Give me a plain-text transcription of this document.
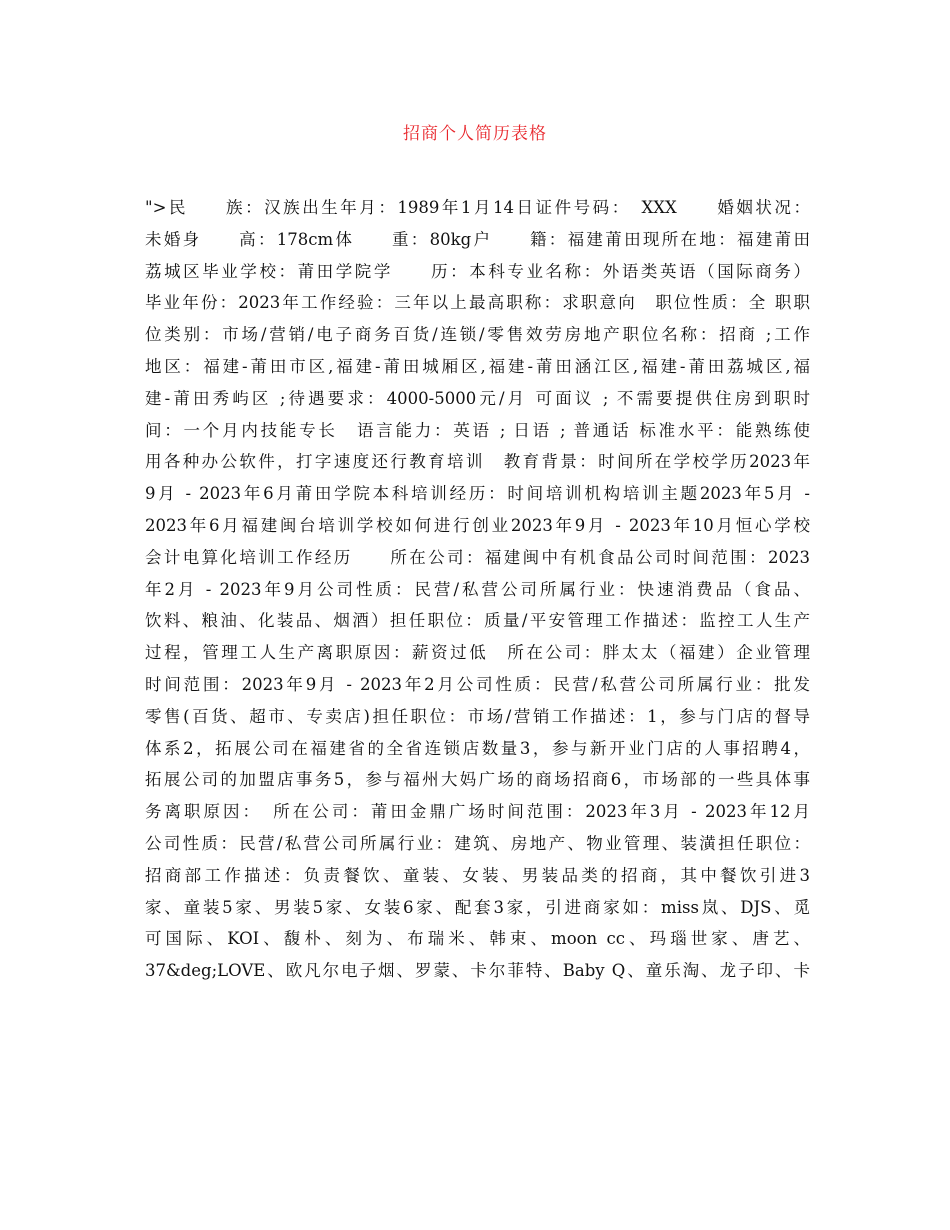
招商个人简历表格
">民　　族：汉族出生年月：1989年1月14日证件号码：　XXX　　婚姻状况：
未婚身　　高：178cm体　　重：80kg户　　籍：福建莆田现所在地：福建莆田
荔城区毕业学校：莆田学院学　　历：本科专业名称：外语类英语（国际商务）
毕业年份：2023年工作经验：三年以上最高职称：求职意向　职位性质：全 职职
位类别：市场/营销/电子商务百货/连锁/零售效劳房地产职位名称：招商 ;工作
地区：福建-莆田市区,福建-莆田城厢区,福建-莆田涵江区,福建-莆田荔城区,福
建-莆田秀屿区 ;待遇要求：4000-5000元/月 可面议 ; 不需要提供住房到职时
间：一个月内技能专长　语言能力：英语 ; 日语 ; 普通话 标准水平：能熟练使
用各种办公软件，打字速度还行教育培训　教育背景：时间所在学校学历2023年
9月 - 2023年6月莆田学院本科培训经历：时间培训机构培训主题2023年5月 -
2023年6月福建闽台培训学校如何进行创业2023年9月 - 2023年10月恒心学校
会计电算化培训工作经历　　所在公司：福建闽中有机食品公司时间范围：2023
年2月 - 2023年9月公司性质：民营/私营公司所属行业：快速消费品（食品、
饮料、粮油、化装品、烟酒）担任职位：质量/平安管理工作描述：监控工人生产
过程，管理工人生产离职原因：薪资过低　所在公司：胖太太（福建）企业管理
时间范围：2023年9月 - 2023年2月公司性质：民营/私营公司所属行业：批发
零售(百货、超市、专卖店)担任职位：市场/营销工作描述：1，参与门店的督导
体系2，拓展公司在福建省的全省连锁店数量3，参与新开业门店的人事招聘4，
拓展公司的加盟店事务5，参与福州大妈广场的商场招商6，市场部的一些具体事
务离职原因：　所在公司：莆田金鼎广场时间范围：2023年3月 - 2023年12月
公司性质：民营/私营公司所属行业：建筑、房地产、物业管理、装潢担任职位：
招商部工作描述：负责餐饮、童装、女装、男装品类的招商，其中餐饮引进3
家、童装5家、男装5家、女装6家、配套3家，引进商家如：miss岚、DJS、觅
可国际、KOI、馥朴、刻为、布瑞米、韩束、moon cc、玛瑙世家、唐艺、
37&deg;LOVE、欧凡尔电子烟、罗蒙、卡尔菲特、Baby Q、童乐淘、龙子印、卡
